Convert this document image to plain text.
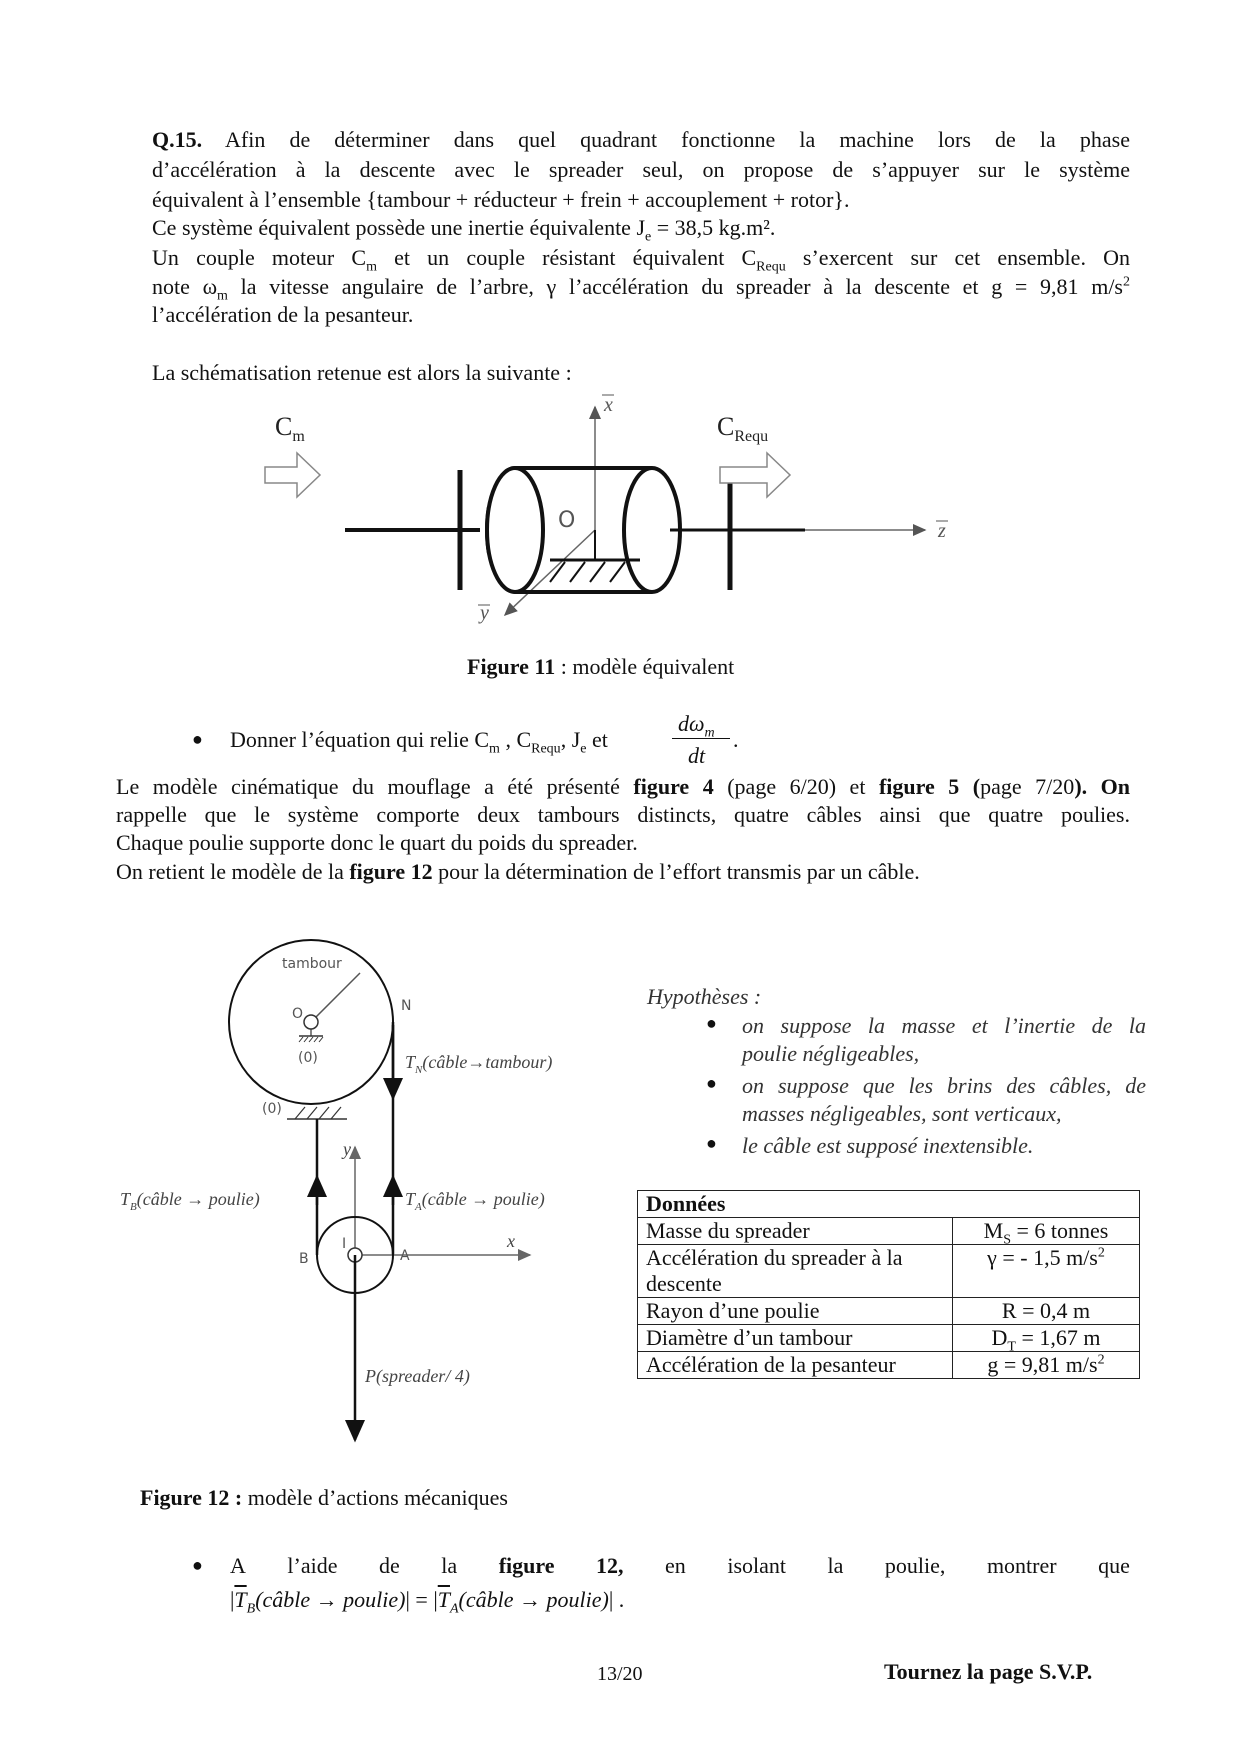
Q.15. Afin de déterminer dans quel quadrant fonctionne la machine lors de la phase
d’accélération à la descente avec le spreader seul, on propose de s’appuyer sur le système
équivalent à l’ensemble {tambour + réducteur + frein + accouplement + rotor}.
Ce système équivalent possède une inertie équivalente $J_e = 38,5$ kg.m².
Un couple moteur $C_m$ et un couple résistant équivalent $C_{Requ}$ s’exercent sur cet ensemble. On
note $\omega_m$ la vitesse angulaire de l’arbre, γ l’accélération du spreader à la descente et g = 9,81 $m/s^2$
l’accélération de la pesanteur.
La schématisation retenue est alors la suivante :
$C_m$	$C_{Requ}$
O
x
y
z
Figure 11 : modèle équivalent
● Donner l’équation qui relie $C_m$ , $C_{Requ}$, $J_e$ et
$d\omega_m$
dt
.
Le modèle cinématique du mouflage a été présenté figure 4 (page 6/20) et figure 5 (page 7/20). On
rappelle que le système comporte deux tambours distincts, quatre câbles ainsi que quatre poulies.
Chaque poulie supporte donc le quart du poids du spreader.
On retient le modèle de la figure 12 pour la détermination de l’effort transmis par un câble.
tambour
O
(0)
N
$T_N(câble\to tambour)$
(0)
y
x
B
I
A
$T_B(câble$ → poulie)	$T_A(câble$ → poulie)
P(spreader/ 4)
Figure 12 : modèle d’actions mécaniques
Hypothèses :
● on suppose la masse et l’inertie de la
poulie négligeables,
● on suppose que les brins des câbles, de
masses négligeables, sont verticaux,
● le câble est supposé inextensible.
Données	
Masse du spreader	$M_S = 6$ tonnes
Accélération du spreader à la descente	γ = - 1,5 $m/s^2$
Rayon d’une poulie	R = 0,4 m
Diamètre d’un tambour	$D_T = 1,67$ m
Accélération de la pesanteur	g = 9,81 $m/s^2$
● A l’aide de la figure 12, en isolant la poulie, montrer que
$|\overline{T}_B(câble$ → poulie)| = $|\overline{T}_A(câble$ → poulie)| .
13/20	Tournez la page S.V.P.
